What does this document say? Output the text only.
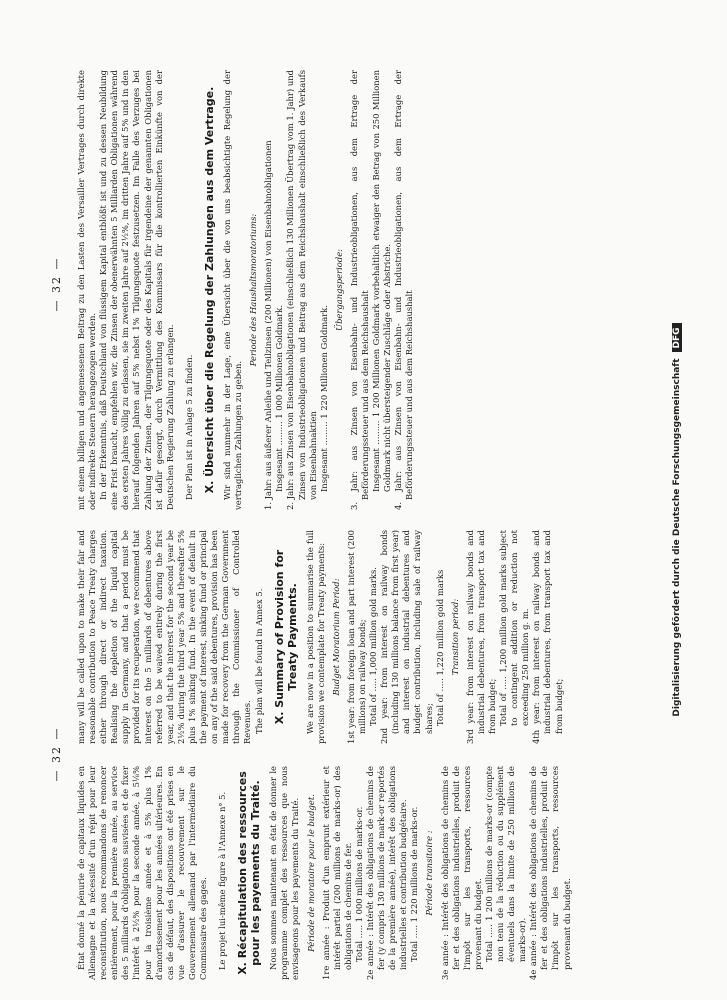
— 32 —

État donné la pénurie de capitaux liquides en Allemagne et la nécessité d'un répit pour leur reconstitution, nous recommandons de renoncer entièrement, pour la première année, au service des 5 milliards d'obligations susvisées et de fixer l'intérêt à 2½% pour la seconde année, à 5⅛% pour la troisième année et à 5% plus 1% d'amortissement pour les années ultérieures. En cas de défaut, des dispositions ont été prises en vue d'assurer le recouvrement sur le Gouvernement allemand par l'intermédiaire du Commissaire des gages. Le projet lui-même figure à l'Annexe n° 5. X. Récapitulation des ressources pour les payements du Traité. Nous sommes maintenant en état de donner le programme complet des ressources que nous envisageons pour les payements du Traité. Période de moratoire pour le budget. 1re année : Produit d'un emprunt extérieur et intérêt partiel (200 millions de marks-or) des obligations de chemins de fer. Total ..... 1 000 millions de marks-or. 2e année : Intérêt des obligations de chemins de fer (y compris 130 millions de mark-or reportés de la première année), intérêt des obligations industrielles et contribution budgétaire. Total ..... 1 220 millions de marks-or. Période transitoire : 3e année : Intérêt des obligations de chemins de fer et des obligations industrielles, produit de l'impôt sur les transports, ressources provenant du budget. Total ..... 1 200 millions de marks-or (compte non tenu de la réduction ou du supplément éventuels dans la limite de 250 millions de marks-or). 4e année : Intérêt des obligations de chemins de fer et des obligations industrielles, produit de l'impôt sur les transports, ressources provenant du budget.

many will be called upon to make their fair and reasonable contribution to Peace Treaty charges either through direct or indirect taxation. Realising the depletion of the liquid capital supply in Germany, and that a period must be provided for its recuperation, we recommend that interest on the 5 milliards of debentures above referred to be waived entirely during the first year, and that the interest for the second year be 2½% during the third year 5% and thereafter 5% plus 1% sinking fund. In the event of default in the payment of interest, sinking fund or principal on any of the said debentures, provision has been made for recovery from the German Government through the Commissioner of Controlled Revenues. The plan will be found in Annex 5. X. Summary of Provision for Treaty Payments. We are now in a position to summarise the full provision we contemplate for Treaty payments: Budget Moratorium Period: 1st year: from foreign loan and part interest (200 millions) on railway bonds; Total of ..... 1,000 million gold marks. 2nd year: from interest on railway bonds (including 130 millions balance from first year) and interest on industrial debentures and budget contribution, including sale of railway shares; Total of ..... 1,220 million gold marks Transition period: 3rd year: from interest on railway bonds and industrial debentures, from transport tax and from budget; Total of ..... 1,200 million gold marks subject to contingent addition or reduction not exceeding 250 million g. m. 4th year: from interest on railway bonds and industrial debentures, from transport tax and from budget;

— 32 — mit einem billigen und angemessenen Beitrag zu den Lasten des Versailler Vertrages durch direkte oder indirekte Steuern herangezogen werden. In der Erkenntnis, daß Deutschland von flüssigem Kapital entblößt ist und zu dessen Neubildung eine Frist braucht, empfehlen wir, die Zinsen der obenerwähnten 5 Milliarden Obligationen während des ersten Jahres völlig zu erlassen, sie im zweiten Jahre auf 2½%, im dritten Jahre auf 5% und in den hierauf folgenden Jahren auf 5% nebst 1% Tilgungsquote festzusetzen. Im Falle des Verzuges bei Zahlung der Zinsen, der Tilgungsquote oder des Kapitals für irgendeine der genannten Obligationen ist dafür gesorgt, durch Vermittlung des Kommissars für die kontrollierten Einkünfte von der Deutschen Regierung Zahlung zu erlangen. Der Plan ist in Anlage 5 zu finden. X. Übersicht über die Regelung der Zahlungen aus dem Vertrage. Wir sind nunmehr in der Lage, eine Übersicht über die von uns beabsichtigte Regelung der vertraglichen Zahlungen zu geben.

Periode des Haushaltsmoratoriums: 1. Jahr: aus äußerer Anleihe und Teilzinsen (200 Millionen) von Eisenbahnobligationen Insgesamt ......... 1 000 Millionen Goldmark. 2. Jahr: aus Zinsen von Eisenbahnobligationen (einschließlich 130 Millionen Übertrag vom 1. Jahr) und Zinsen von Industrieobligationen und Beitrag aus dem Reichshaushalt einschließlich des Verkaufs von Eisenbahnaktien Insgesamt ......... 1 220 Millionen Goldmark.

Übergangsperiode: 3. Jahr: aus Zinsen von Eisenbahn- und Industrieobligationen, aus dem Ertrage der Beförderungssteuer und aus dem Reichshaushalt Insgesamt ......... 1 200 Millionen Goldmark vorbehaltlich etwaiger den Betrag von 250 Millionen Goldmark nicht übersteigender Zuschläge oder Abstriche. 4. Jahr: aus Zinsen von Eisenbahn- und Industrieobligationen, aus dem Ertrage der Beförderungssteuer und aus dem Reichshaushalt	Digitalisierung gefördert durch die Deutsche ForschungsgemeinschaftDFG
